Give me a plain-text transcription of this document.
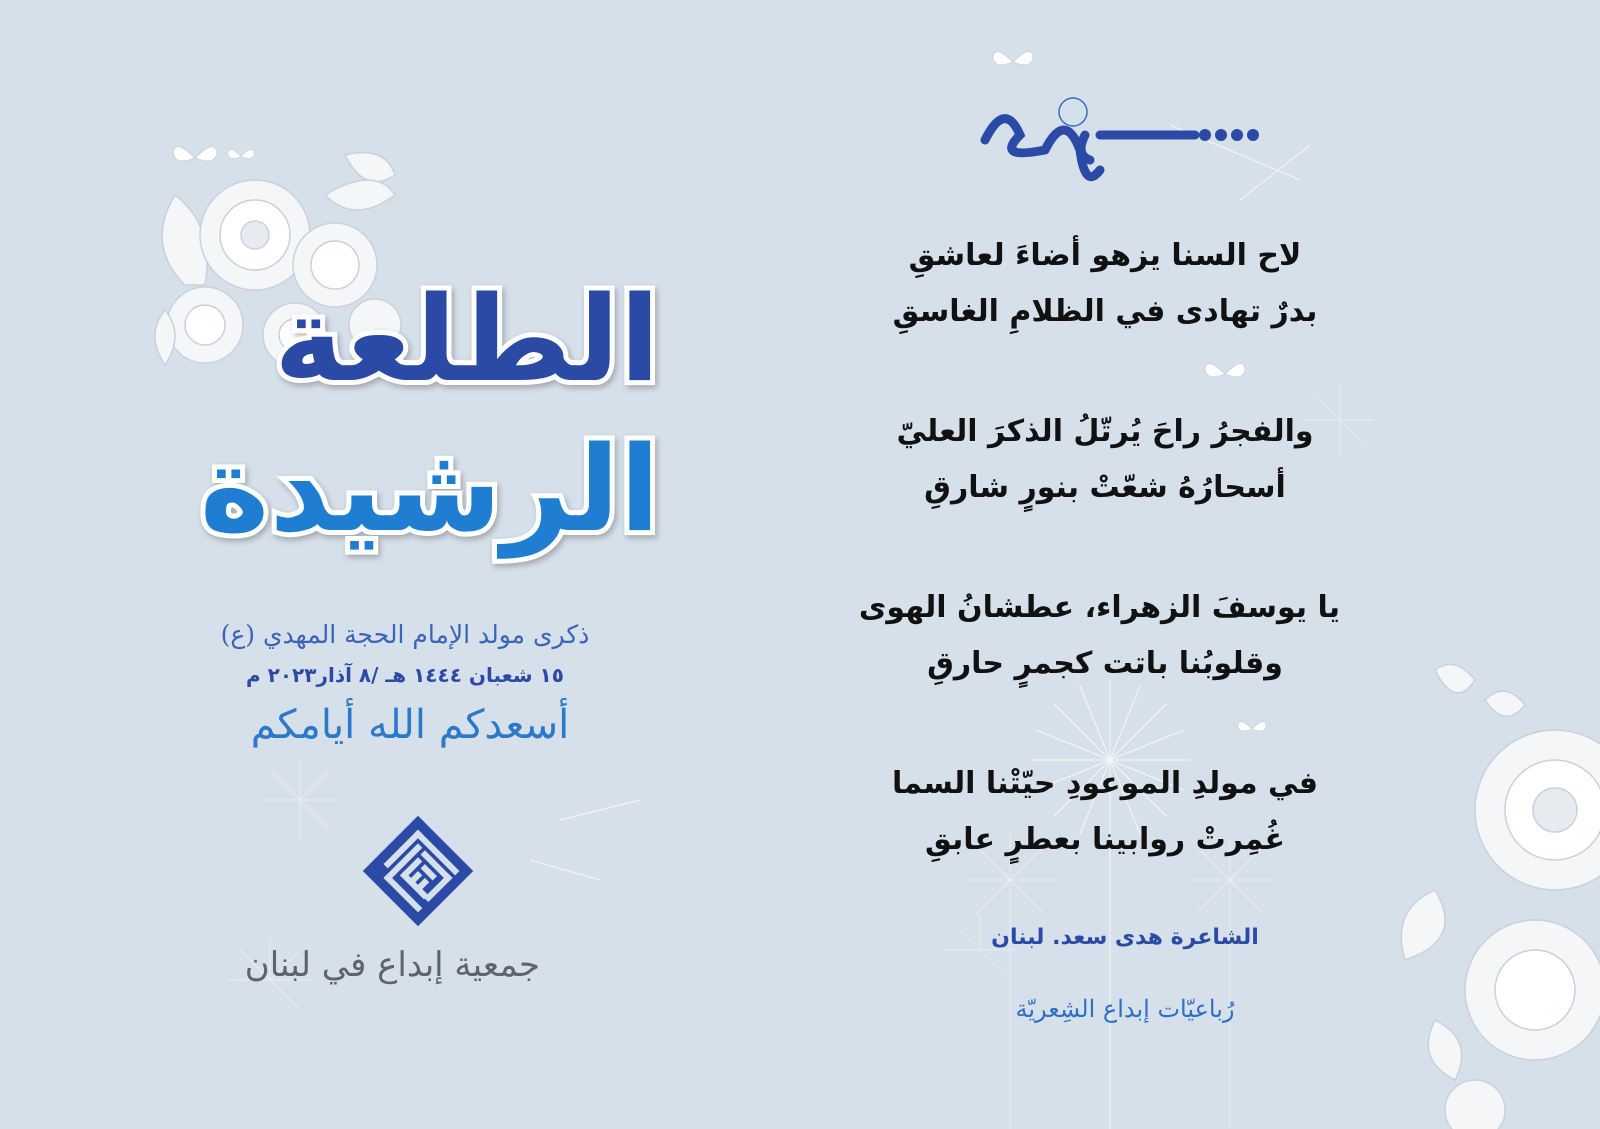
الطلعة
الرشيدة
ذكرى مولد الإمام الحجة المهدي (ع)
١٥ شعبان ١٤٤٤ هـ /٨ آذار٢٠٢٣ م
أسعدكم الله أيامكم
جمعية إبداع في لبنان
لاح السنا يزهو أضاءَ لعاشقِ
بدرٌ تهادى في الظلامِ الغاسقِ
والفجرُ راحَ يُرتّلُ الذكرَ العليّ
أسحارُهُ شعّتْ بنورٍ شارقِ
يا يوسفَ الزهراء، عطشانُ الهوى
وقلوبُنا باتت كجمرٍ حارقِ
في مولدِ الموعودِ حيّتْنا السما
غُمِرتْ روابينا بعطرٍ عابقِ
الشاعرة هدى سعد. لبنان
رُباعيّات إبداع الشِعريّة
